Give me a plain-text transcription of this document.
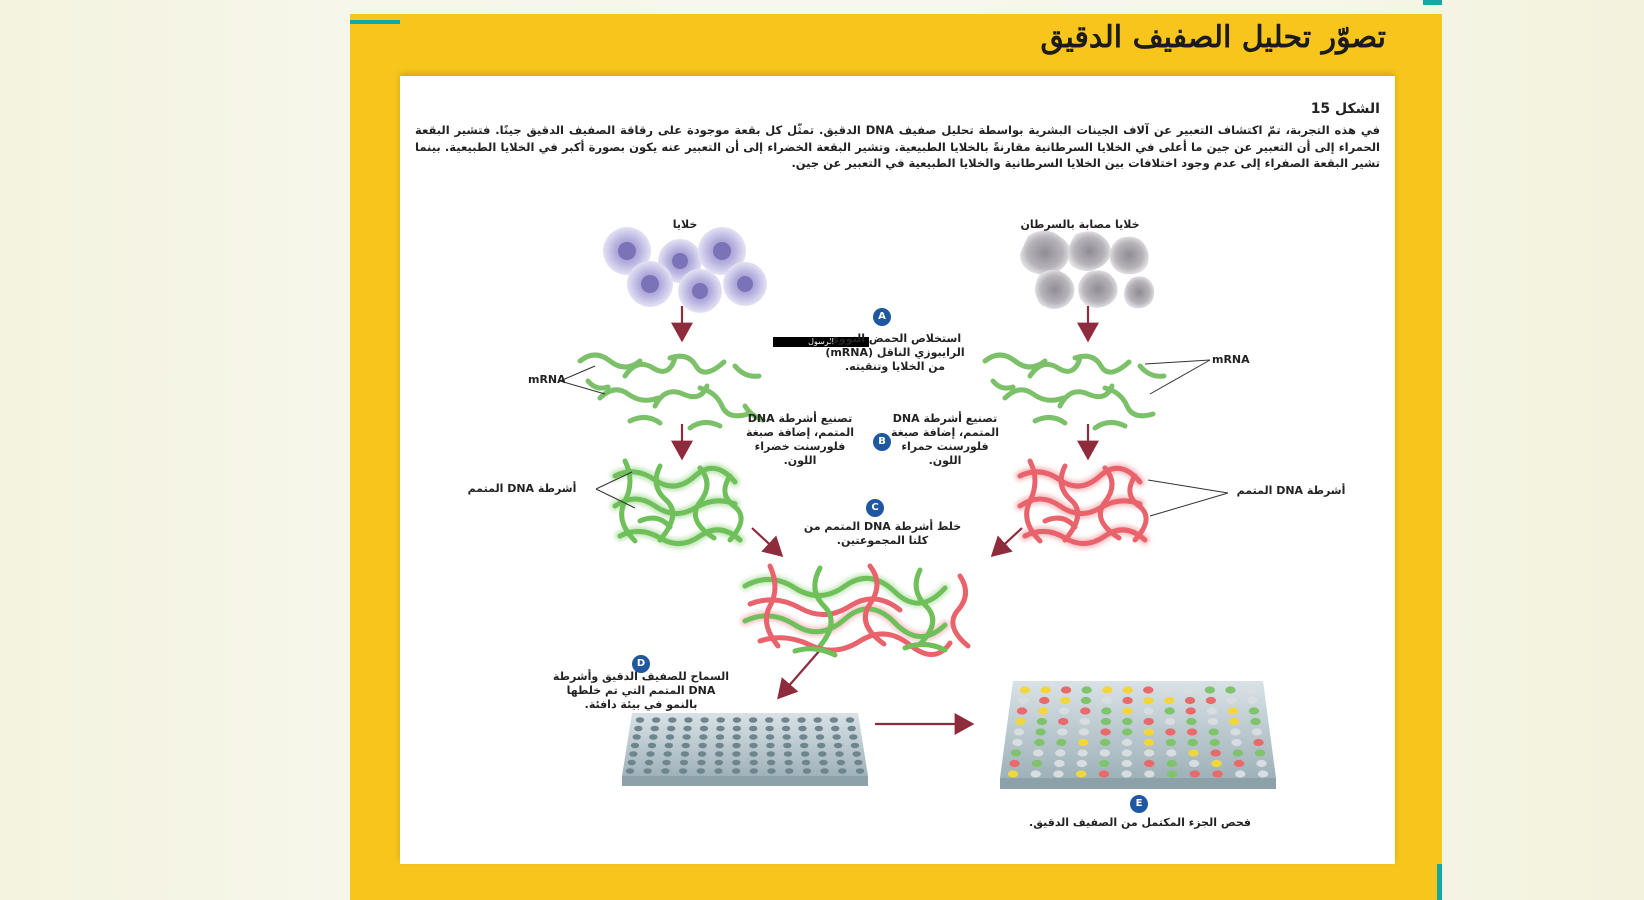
تصوّر تحليل الصفيف الدقيق
الشكل 15
في هذه التجربة، تمّ اكتشاف التعبير عن آلاف الجينات البشرية بواسطة تحليل صفيف DNA الدقيق. تمثّل كل بقعة موجودة على رقاقة الصفيف الدقيق جينًا. فتشير البقعة الحمراء إلى أن التعبير عن جين ما أعلى في الخلايا السرطانية مقارنةً بالخلايا الطبيعية. وتشير البقعة الخضراء إلى أن التعبير عنه يكون بصورة أكبر في الخلايا الطبيعية. بينما تشير البقعة الصفراء إلى عدم وجود اختلافات بين الخلايا السرطانية والخلايا الطبيعية في التعبير عن جين.
الرسول
خلايا	خلايا مصابة بالسرطان
A
استخلاص الحمض النووي الرايبوزي الناقل (mRNA) من الخلايا وتنقيته.
mRNA
mRNA
تصنيع أشرطة DNA المتمم، إضافة صبغة فلورسنت خضراء اللون.
B
تصنيع أشرطة DNA المتمم، إضافة صبغة فلورسنت حمراء اللون.
أشرطة DNA المتمم	أشرطة DNA المتمم
C
خلط أشرطة DNA المتمم من كلتا المجموعتين.
D
السماح للصفيف الدقيق وأشرطة DNA المتمم التي تم خلطها بالنمو في بيئة دافئة.
E
فحص الجزء المكتمل من الصفيف الدقيق.
